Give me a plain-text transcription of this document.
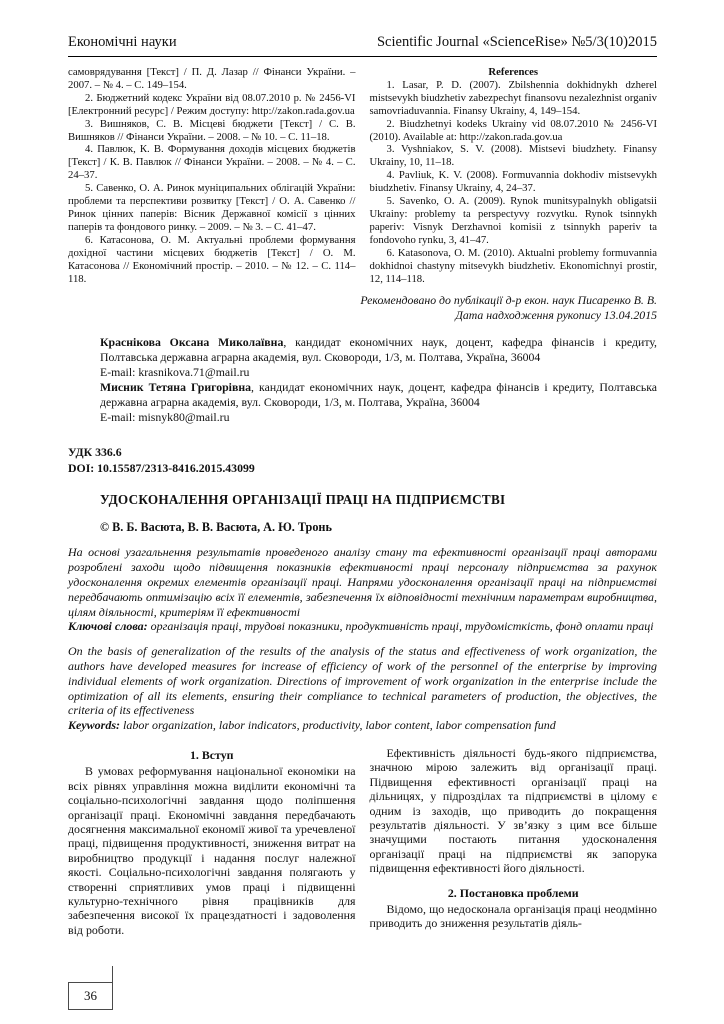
Економічні науки	Scientific Journal «ScienceRise» №5/3(10)2015

самоврядування [Текст] / П. Д. Лазар // Фінанси України. – 2007. – № 4. – С. 149–154.

2. Бюджетний кодекс України від 08.07.2010 р. № 2456-VI [Електронний ресурс] / Режим доступу: http://zakon.rada.gov.ua

3. Вишняков, С. В. Місцеві бюджети [Текст] / С. В. Вишняков // Фінанси України. – 2008. – № 10. – С. 11–18.

4. Павлюк, К. В. Формування доходів місцевих бюджетів [Текст] / К. В. Павлюк // Фінанси України. – 2008. – № 4. – С. 24–37.

5. Савенко, О. А. Ринок муніципальних облігацій України: проблеми та перспективи розвитку [Текст] / О. А. Савенко // Ринок цінних паперів: Вісник Державної комісії з цінних паперів та фондового ринку. – 2009. – № 3. – С. 41–47.

6. Катасонова, О. М. Актуальні проблеми формування дохідної частини місцевих бюджетів [Текст] / О. М. Катасонова // Економічний простір. – 2010. – № 12. – С. 114–118.

References

1. Lasar, P. D. (2007). Zbilshennia dokhidnykh dzherel mistsevykh biudzhetiv zabezpechyt finansovu nezalezhnist organiv samovriaduvannia. Finansy Ukrainy, 4, 149–154.

2. Biudzhetnyi kodeks Ukrainy vid 08.07.2010 № 2456-VI (2010). Available at: http://zakon.rada.gov.ua

3. Vyshniakov, S. V. (2008). Mistsevi biudzhety. Finansy Ukrainy, 10, 11–18.

4. Pavliuk, K. V. (2008). Formuvannia dokhodiv mistsevykh biudzhetiv. Finansy Ukrainy, 4, 24–37.

5. Savenko, O. A. (2009). Rynok munitsypalnykh obligatsii Ukrainy: problemy ta perspectyvy rozvytku. Rynok tsinnykh paperiv: Visnyk Derzhavnoi komisii z tsinnykh paperiv ta fondovoho rynku, 3, 41–47.

6. Katasonova, O. M. (2010). Aktualni problemy formuvannia dokhidnoi chastyny mitsevykh biudzhetiv. Ekonomichnyi prostir, 12, 114–118.

Рекомендовано до публікації д-р екон. наук Писаренко В. В.

Дата надходження рукопису 13.04.2015

Краснікова Оксана Миколаївна, кандидат економічних наук, доцент, кафедра фінансів і кредиту, Полтавська державна аграрна академія, вул. Сковороди, 1/3, м. Полтава, Україна, 36004

E-mail: krasnikova.71@mail.ru

Мисник Тетяна Григорівна, кандидат економічних наук, доцент, кафедра фінансів і кредиту, Полтавська державна аграрна академія, вул. Сковороди, 1/3, м. Полтава, Україна, 36004

E-mail: misnyk80@mail.ru

УДК 336.6

DOI: 10.15587/2313-8416.2015.43099

УДОСКОНАЛЕННЯ ОРГАНІЗАЦІЇ ПРАЦІ НА ПІДПРИЄМСТВІ

© В. Б. Васюта, В. В. Васюта, А. Ю. Тронь

На основі узагальнення результатів проведеного аналізу стану та ефективності організації праці авторами розроблені заходи щодо підвищення показників ефективності праці персоналу підприємства за рахунок удосконалення окремих елементів організації праці. Напрями удосконалення організації праці на підприємстві передбачають оптимізацію всіх її елементів, забезпечення їх відповідності технічним параметрам виробництва, цілям діяльності, критеріям її ефективності

Ключові слова: організація праці, трудові показники, продуктивність праці, трудомісткість, фонд оплати праці

On the basis of generalization of the results of the analysis of the status and effectiveness of work organization, the authors have developed measures for increase of efficiency of work of the personnel of the enterprise by improving individual elements of work organization. Directions of improvement of work organization in the enterprise include the optimization of all its elements, ensuring their compliance to technical parameters of production, the objectives, the criteria of its effectiveness

Keywords: labor organization, labor indicators, productivity, labor content, labor compensation fund

1. Вступ

В умовах реформування національної економіки на всіх рівнях управління можна виділити економічні та соціально-психологічні завдання щодо поліпшення організації праці. Економічні завдання передбачають досягнення максимальної економії живої та уречевленої праці, підвищення продуктивності, зниження витрат на виробництво продукції і надання послуг належної якості. Соціально-психологічні завдання полягають у створенні сприятливих умов праці і підвищенні культурно-технічного рівня працівників для забезпечення високої їх працездатності і задоволення від роботи.

Ефективність діяльності будь-якого підприємства, значною мірою залежить від організації праці. Підвищення ефективності організації праці на дільницях, у підрозділах та підприємстві в цілому є одним із заходів, що приводить до покращення результатів діяльності. У зв’язку з цим все більше значущими постають питання удосконалення організації праці на підприємстві як запорука підвищення ефективності його діяльності.

2. Постановка проблеми

Відомо, що недосконала організація праці неодмінно приводить до зниження результатів діяль-

36
